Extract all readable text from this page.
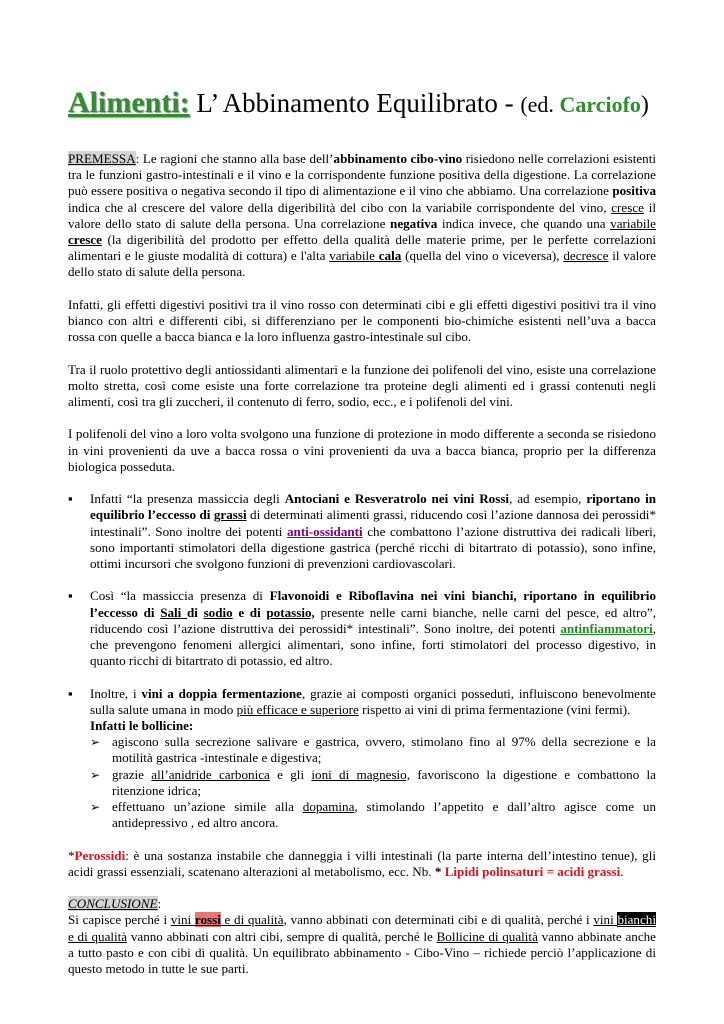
Alimenti: L’ Abbinamento Equilibrato - (ed. Carciofo)

PREMESSA: Le ragioni che stanno alla base dell’abbinamento cibo-vino risiedono nelle correlazioni esistenti tra le funzioni gastro-intestinali e il vino e la corrispondente funzione positiva della digestione. La correlazione può essere positiva o negativa secondo il tipo di alimentazione e il vino che abbiamo. Una correlazione positiva indica che al crescere del valore della digeribilità del cibo con la variabile corrispondente del vino, cresce il valore dello stato di salute della persona. Una correlazione negativa indica invece, che quando una variabile cresce (la digeribilità del prodotto per effetto della qualità delle materie prime, per le perfette correlazioni alimentari e le giuste modalità di cottura) e l'alta variabile cala (quella del vino o viceversa), decresce il valore dello stato di salute della persona.

Infatti, gli effetti digestivi positivi tra il vino rosso con determinati cibi e gli effetti digestivi positivi tra il vino bianco con altri e differenti cibi, si differenziano per le componenti bio-chimiche esistenti nell’uva a bacca rossa con quelle a bacca bianca e la loro influenza gastro-intestinale sul cibo.

Tra il ruolo protettivo degli antiossidanti alimentari e la funzione dei polifenoli del vino, esiste una correlazione molto stretta, così come esiste una forte correlazione tra proteine degli alimenti ed i grassi contenuti negli alimenti, così tra gli zuccheri, il contenuto di ferro, sodio, ecc., e i polifenoli del vini.

I polifenoli del vino a loro volta svolgono una funzione di protezione in modo differente a seconda se risiedono in vini provenienti da uve a bacca rossa o vini provenienti da uva a bacca bianca, proprio per la differenza biologica posseduta.

▪ Infatti “la presenza massiccia degli Antociani e Resveratrolo nei vini Rossi, ad esempio, riportano in equilibrio l’eccesso di grassi di determinati alimenti grassi, riducendo così l’azione dannosa dei perossidi* intestinali”. Sono inoltre dei potenti anti-ossidanti che combattono l’azione distruttiva dei radicali liberi, sono importanti stimolatori della digestione gastrica (perché ricchi di bitartrato di potassio), sono infine, ottimi incursori che svolgono funzioni di prevenzioni cardiovascolari.
▪ Così “la massiccia presenza di Flavonoidi e Riboflavina nei vini bianchi, riportano in equilibrio l’eccesso di Sali di sodio e di potassio, presente nelle carni bianche, nelle carni del pesce, ed altro”, riducendo così l’azione distruttiva dei perossidi* intestinali”. Sono inoltre, dei potenti antinfiammatori, che prevengono fenomeni allergici alimentari, sono infine, forti stimolatori del processo digestivo, in quanto ricchi di bitartrato di potassio, ed altro.
▪ Inoltre, i vini a doppia fermentazione, grazie ai composti organici posseduti, influiscono benevolmente sulla salute umana in modo più efficace e superiore rispetto ai vini di prima fermentazione (vini fermi).
Infatti le bollicine:
➢ agiscono sulla secrezione salivare e gastrica, ovvero, stimolano fino al 97% della secrezione e la motilità gastrica -intestinale e digestiva;
➢ grazie all’anidride carbonica e gli ioni di magnesio, favoriscono la digestione e combattono la ritenzione idrica;
➢ effettuano un’azione simile alla dopamina, stimolando l’appetito e dall’altro agisce come un antidepressivo , ed altro ancora.

*Perossidi: è una sostanza instabile che danneggia i villi intestinali (la parte interna dell’intestino tenue), gli acidi grassi essenziali, scatenano alterazioni al metabolismo, ecc. Nb. * Lipidi polinsaturi = acidi grassi.

CONCLUSIONE:
Si capisce perché i vini rossi e di qualità, vanno abbinati con determinati cibi e di qualità, perché i vini bianchi e di qualità vanno abbinati con altri cibi, sempre di qualità, perché le Bollicine di qualità vanno abbinate anche a tutto pasto e con cibi di qualità. Un equilibrato abbinamento - Cibo-Vino – richiede perciò l’applicazione di questo metodo in tutte le sue parti.
